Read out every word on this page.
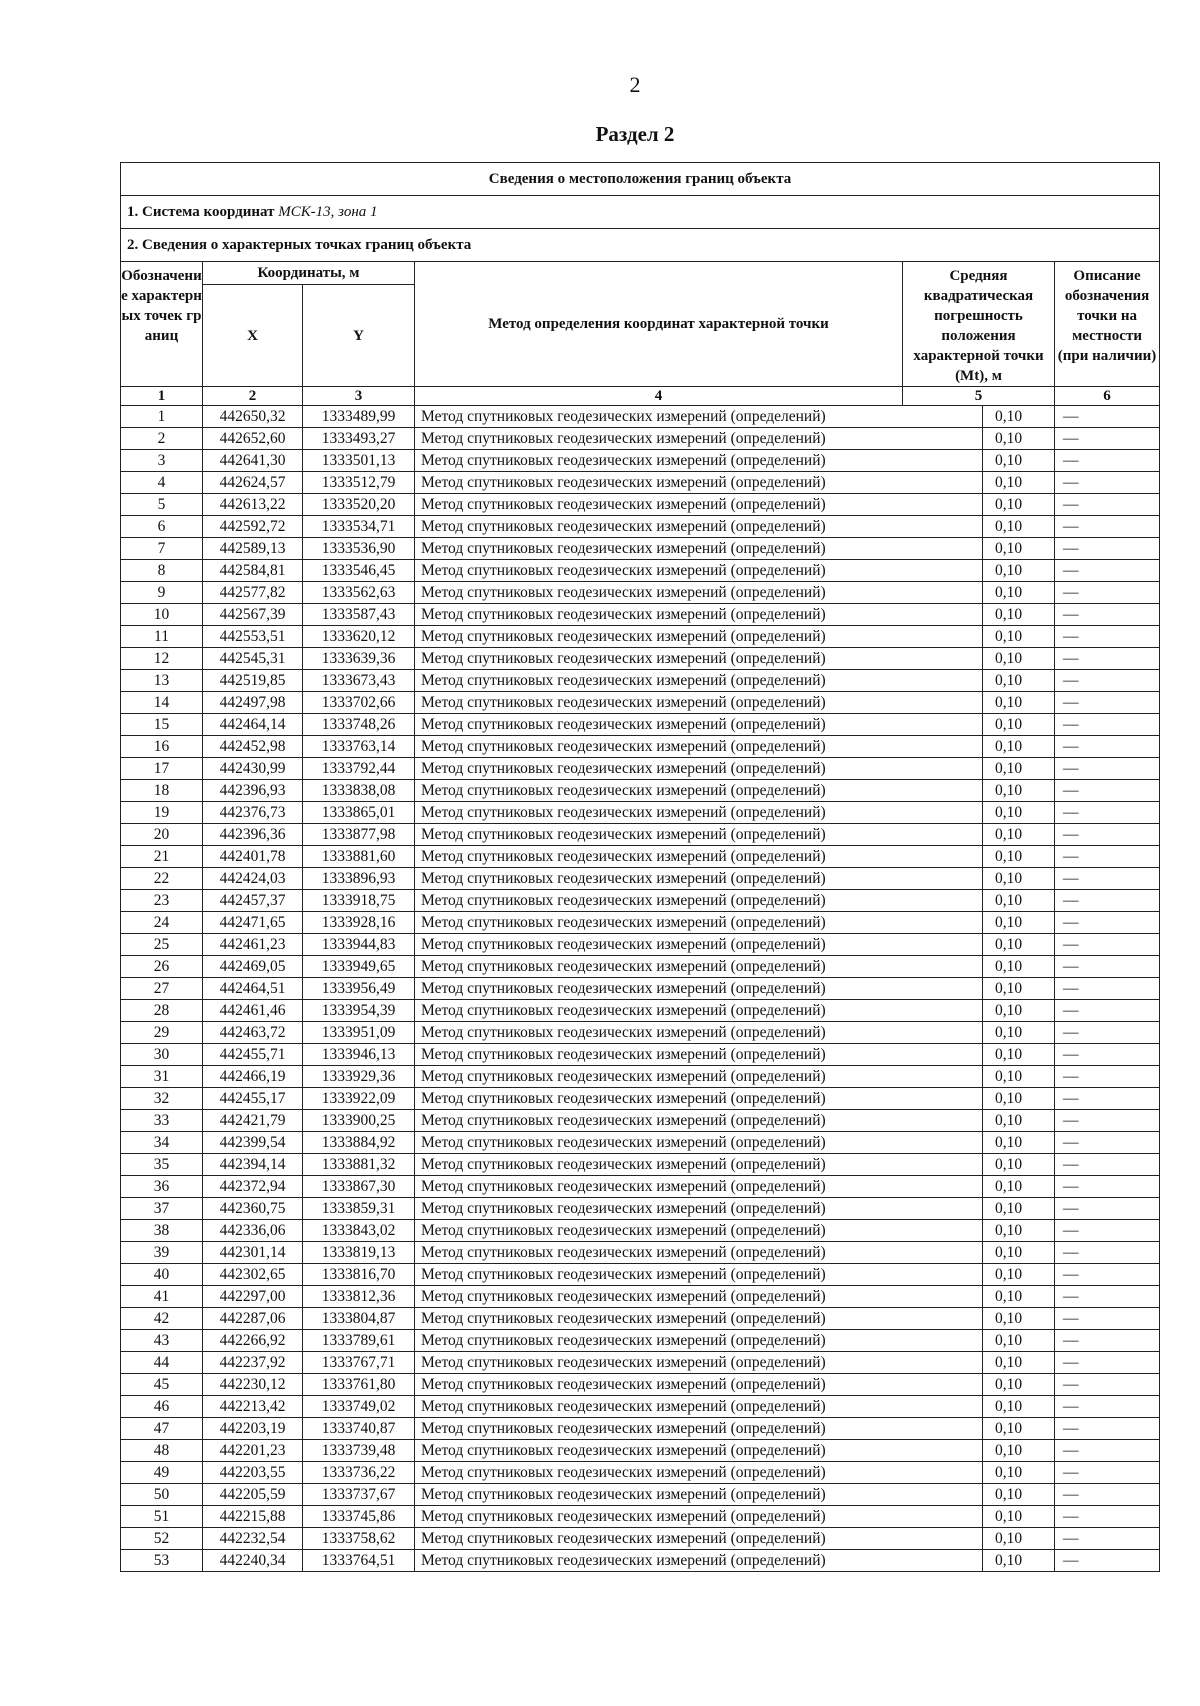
2
Раздел 2
Сведения о местоположения границ объекта						
1. Система координат МСК-13, зона 1						
2. Сведения о характерных точках границ объекта						
Обозначение характерных точек границ	Координаты, м		Метод определения координат характерной точки	Средняя квадратическая погрешность положения характерной точки (Mt), м		Описание обозначения точки на местности (при наличии)
	X	Y				
1	2	3	4	5		6
1	442650,32	1333489,99	Метод спутниковых геодезических измерений (определений)		0,10	—
2	442652,60	1333493,27	Метод спутниковых геодезических измерений (определений)		0,10	—
3	442641,30	1333501,13	Метод спутниковых геодезических измерений (определений)		0,10	—
4	442624,57	1333512,79	Метод спутниковых геодезических измерений (определений)		0,10	—
5	442613,22	1333520,20	Метод спутниковых геодезических измерений (определений)		0,10	—
6	442592,72	1333534,71	Метод спутниковых геодезических измерений (определений)		0,10	—
7	442589,13	1333536,90	Метод спутниковых геодезических измерений (определений)		0,10	—
8	442584,81	1333546,45	Метод спутниковых геодезических измерений (определений)		0,10	—
9	442577,82	1333562,63	Метод спутниковых геодезических измерений (определений)		0,10	—
10	442567,39	1333587,43	Метод спутниковых геодезических измерений (определений)		0,10	—
11	442553,51	1333620,12	Метод спутниковых геодезических измерений (определений)		0,10	—
12	442545,31	1333639,36	Метод спутниковых геодезических измерений (определений)		0,10	—
13	442519,85	1333673,43	Метод спутниковых геодезических измерений (определений)		0,10	—
14	442497,98	1333702,66	Метод спутниковых геодезических измерений (определений)		0,10	—
15	442464,14	1333748,26	Метод спутниковых геодезических измерений (определений)		0,10	—
16	442452,98	1333763,14	Метод спутниковых геодезических измерений (определений)		0,10	—
17	442430,99	1333792,44	Метод спутниковых геодезических измерений (определений)		0,10	—
18	442396,93	1333838,08	Метод спутниковых геодезических измерений (определений)		0,10	—
19	442376,73	1333865,01	Метод спутниковых геодезических измерений (определений)		0,10	—
20	442396,36	1333877,98	Метод спутниковых геодезических измерений (определений)		0,10	—
21	442401,78	1333881,60	Метод спутниковых геодезических измерений (определений)		0,10	—
22	442424,03	1333896,93	Метод спутниковых геодезических измерений (определений)		0,10	—
23	442457,37	1333918,75	Метод спутниковых геодезических измерений (определений)		0,10	—
24	442471,65	1333928,16	Метод спутниковых геодезических измерений (определений)		0,10	—
25	442461,23	1333944,83	Метод спутниковых геодезических измерений (определений)		0,10	—
26	442469,05	1333949,65	Метод спутниковых геодезических измерений (определений)		0,10	—
27	442464,51	1333956,49	Метод спутниковых геодезических измерений (определений)		0,10	—
28	442461,46	1333954,39	Метод спутниковых геодезических измерений (определений)		0,10	—
29	442463,72	1333951,09	Метод спутниковых геодезических измерений (определений)		0,10	—
30	442455,71	1333946,13	Метод спутниковых геодезических измерений (определений)		0,10	—
31	442466,19	1333929,36	Метод спутниковых геодезических измерений (определений)		0,10	—
32	442455,17	1333922,09	Метод спутниковых геодезических измерений (определений)		0,10	—
33	442421,79	1333900,25	Метод спутниковых геодезических измерений (определений)		0,10	—
34	442399,54	1333884,92	Метод спутниковых геодезических измерений (определений)		0,10	—
35	442394,14	1333881,32	Метод спутниковых геодезических измерений (определений)		0,10	—
36	442372,94	1333867,30	Метод спутниковых геодезических измерений (определений)		0,10	—
37	442360,75	1333859,31	Метод спутниковых геодезических измерений (определений)		0,10	—
38	442336,06	1333843,02	Метод спутниковых геодезических измерений (определений)		0,10	—
39	442301,14	1333819,13	Метод спутниковых геодезических измерений (определений)		0,10	—
40	442302,65	1333816,70	Метод спутниковых геодезических измерений (определений)		0,10	—
41	442297,00	1333812,36	Метод спутниковых геодезических измерений (определений)		0,10	—
42	442287,06	1333804,87	Метод спутниковых геодезических измерений (определений)		0,10	—
43	442266,92	1333789,61	Метод спутниковых геодезических измерений (определений)		0,10	—
44	442237,92	1333767,71	Метод спутниковых геодезических измерений (определений)		0,10	—
45	442230,12	1333761,80	Метод спутниковых геодезических измерений (определений)		0,10	—
46	442213,42	1333749,02	Метод спутниковых геодезических измерений (определений)		0,10	—
47	442203,19	1333740,87	Метод спутниковых геодезических измерений (определений)		0,10	—
48	442201,23	1333739,48	Метод спутниковых геодезических измерений (определений)		0,10	—
49	442203,55	1333736,22	Метод спутниковых геодезических измерений (определений)		0,10	—
50	442205,59	1333737,67	Метод спутниковых геодезических измерений (определений)		0,10	—
51	442215,88	1333745,86	Метод спутниковых геодезических измерений (определений)		0,10	—
52	442232,54	1333758,62	Метод спутниковых геодезических измерений (определений)		0,10	—
53	442240,34	1333764,51	Метод спутниковых геодезических измерений (определений)		0,10	—
